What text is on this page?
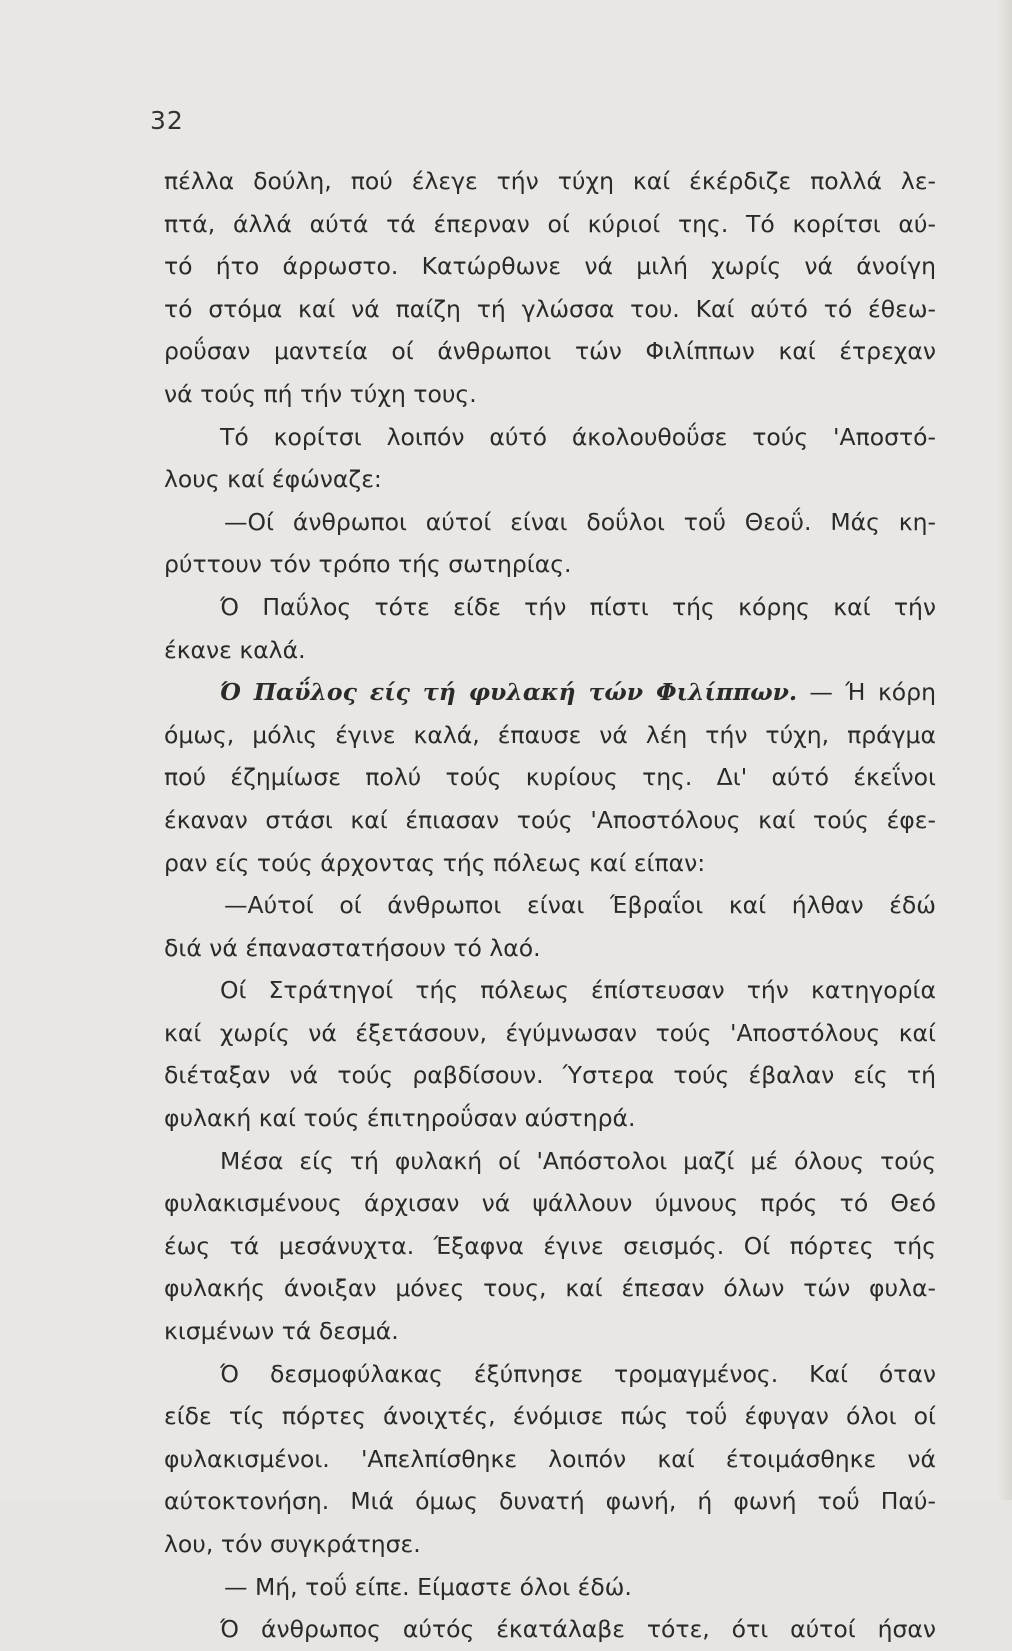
32
πέλλα δούλη, πού έλεγε τήν τύχη καί έκέρδιζε πολλά λε-
πτά, άλλά αύτά τά έπερναν οί κύριοί της. Τό κορίτσι αύ-
τό ήτο άρρωστο. Κατώρθωνε νά μιλή χωρίς νά άνοίγη
τό στόμα καί νά παίζη τή γλώσσα του. Καί αύτό τό έθεω-
ροΰσαν μαντεία οί άνθρωποι τών Φιλίππων καί έτρεχαν
νά τούς πή τήν τύχη τους.
Τό κορίτσι λοιπόν αύτό άκολουθοΰσε τούς 'Αποστό-
λους καί έφώναζε:
—Οί άνθρωποι αύτοί είναι δοΰλοι τοΰ Θεοΰ. Μάς κη-
ρύττουν τόν τρόπο τής σωτηρίας.
Ό Παΰλος τότε είδε τήν πίστι τής κόρης καί τήν
έκανε καλά.
Ό Παΰλος είς τή φυλακή τών Φιλίππων. — Ή κόρη
όμως, μόλις έγινε καλά, έπαυσε νά λέη τήν τύχη, πράγμα
πού έζημίωσε πολύ τούς κυρίους της. Δι' αύτό έκεΐνοι
έκαναν στάσι καί έπιασαν τούς 'Αποστόλους καί τούς έφε-
ραν είς τούς άρχοντας τής πόλεως καί είπαν:
—Αύτοί οί άνθρωποι είναι Έβραΐοι καί ήλθαν έδώ
διά νά έπαναστατήσουν τό λαό.
Οί Στράτηγοί τής πόλεως έπίστευσαν τήν κατηγορία
καί χωρίς νά έξετάσουν, έγύμνωσαν τούς 'Αποστόλους καί
διέταξαν νά τούς ραβδίσουν. Ύστερα τούς έβαλαν είς τή
φυλακή καί τούς έπιτηροΰσαν αύστηρά.
Μέσα είς τή φυλακή οί 'Απόστολοι μαζί μέ όλους τούς
φυλακισμένους άρχισαν νά ψάλλουν ύμνους πρός τό Θεό
έως τά μεσάνυχτα. Έξαφνα έγινε σεισμός. Οί πόρτες τής
φυλακής άνοιξαν μόνες τους, καί έπεσαν όλων τών φυλα-
κισμένων τά δεσμά.
Ό δεσμοφύλακας έξύπνησε τρομαγμένος. Καί όταν
είδε τίς πόρτες άνοιχτές, ένόμισε πώς τοΰ έφυγαν όλοι οί
φυλακισμένοι. 'Απελπίσθηκε λοιπόν καί έτοιμάσθηκε νά
αύτοκτονήση. Μιά όμως δυνατή φωνή, ή φωνή τοΰ Παύ-
λου, τόν συγκράτησε.
— Μή, τοΰ είπε. Είμαστε όλοι έδώ.
Ό άνθρωπος αύτός έκατάλαβε τότε, ότι αύτοί ήσαν
